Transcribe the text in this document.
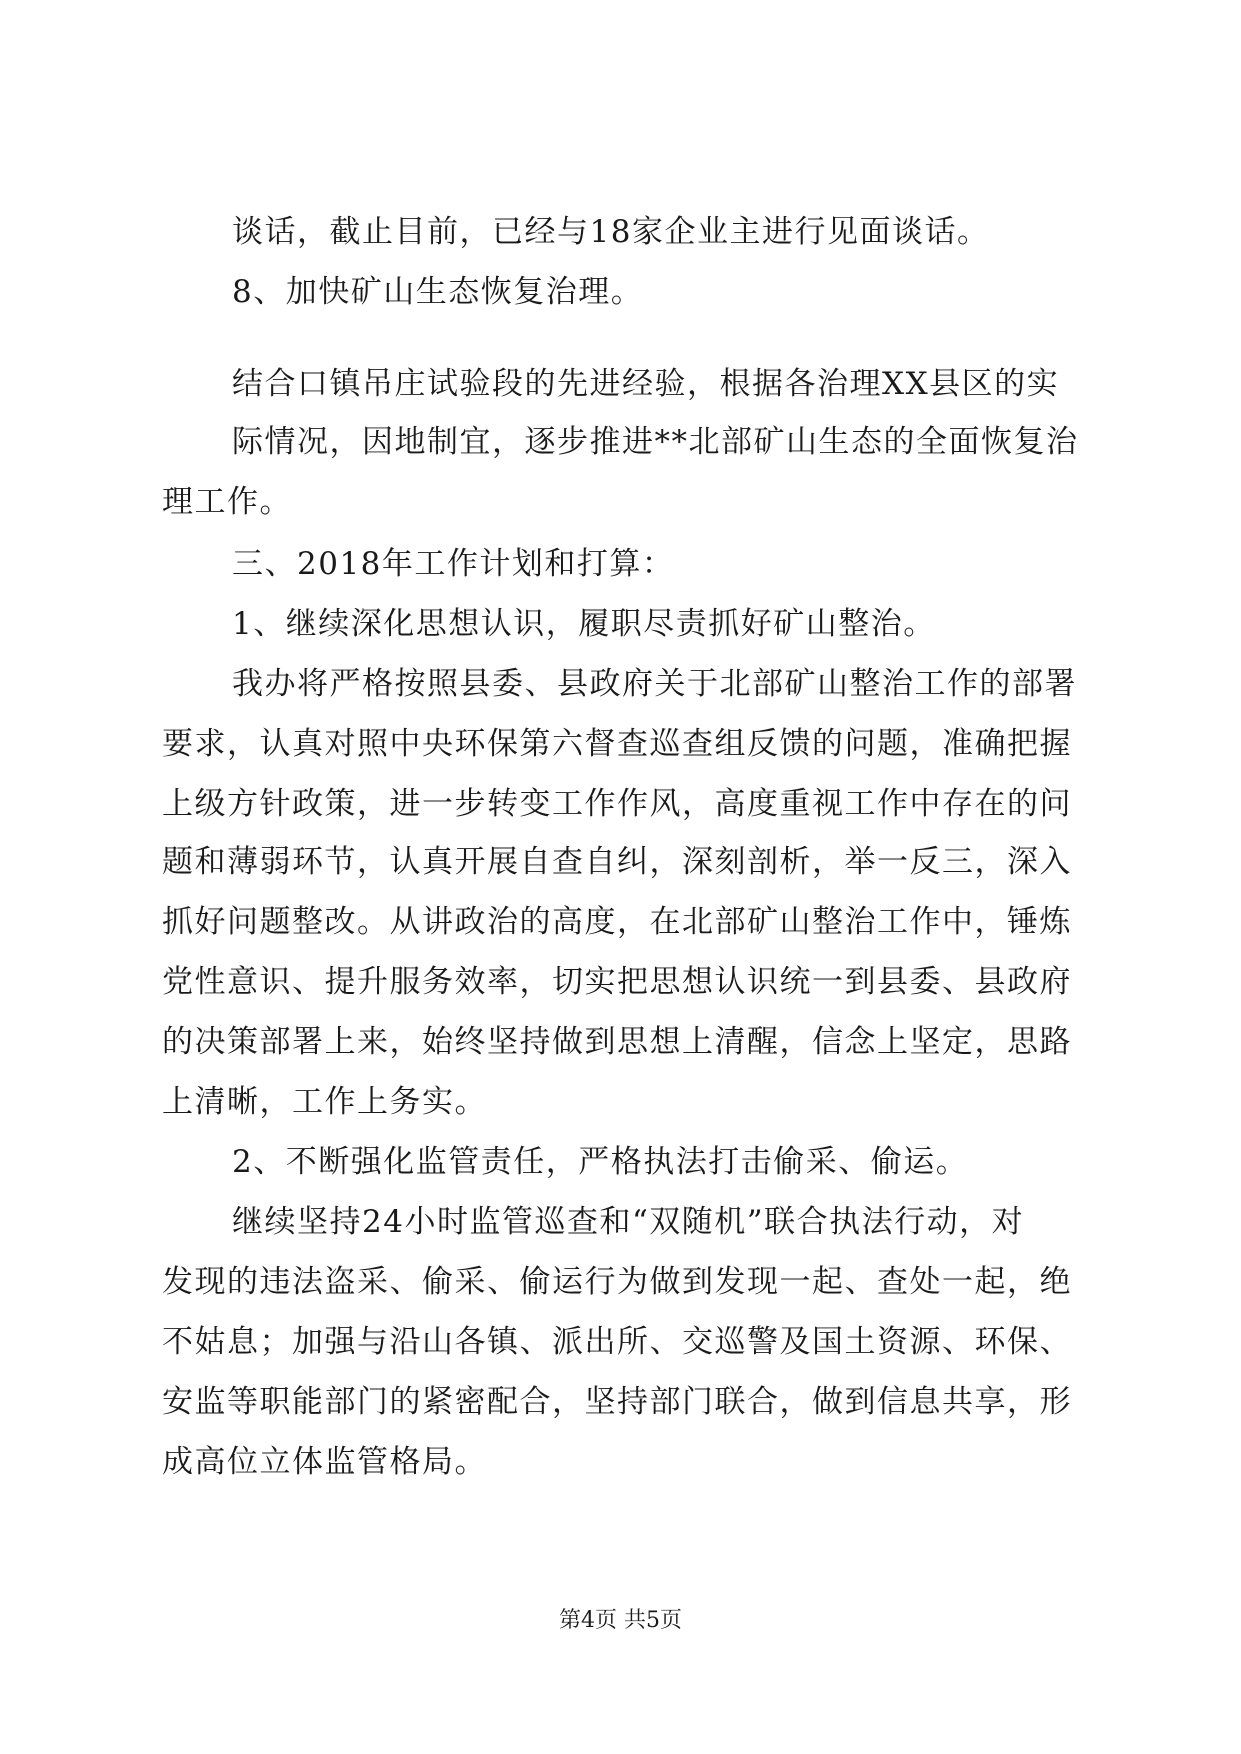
谈话，截止目前，已经与18家企业主进行见面谈话。
8、加快矿山生态恢复治理。
结合口镇吊庄试验段的先进经验，根据各治理XX县区的实
际情况，因地制宜，逐步推进**北部矿山生态的全面恢复治
理工作。
三、2018年工作计划和打算：
1、继续深化思想认识，履职尽责抓好矿山整治。
我办将严格按照县委、县政府关于北部矿山整治工作的部署
要求，认真对照中央环保第六督查巡查组反馈的问题，准确把握
上级方针政策，进一步转变工作作风，高度重视工作中存在的问
题和薄弱环节，认真开展自查自纠，深刻剖析，举一反三，深入
抓好问题整改。从讲政治的高度，在北部矿山整治工作中，锤炼
党性意识、提升服务效率，切实把思想认识统一到县委、县政府
的决策部署上来，始终坚持做到思想上清醒，信念上坚定，思路
上清晰，工作上务实。
2、不断强化监管责任，严格执法打击偷采、偷运。
继续坚持24小时监管巡查和“双随机”联合执法行动，对
发现的违法盗采、偷采、偷运行为做到发现一起、查处一起，绝
不姑息；加强与沿山各镇、派出所、交巡警及国土资源、环保、
安监等职能部门的紧密配合，坚持部门联合，做到信息共享，形
成高位立体监管格局。
第4页 共5页
